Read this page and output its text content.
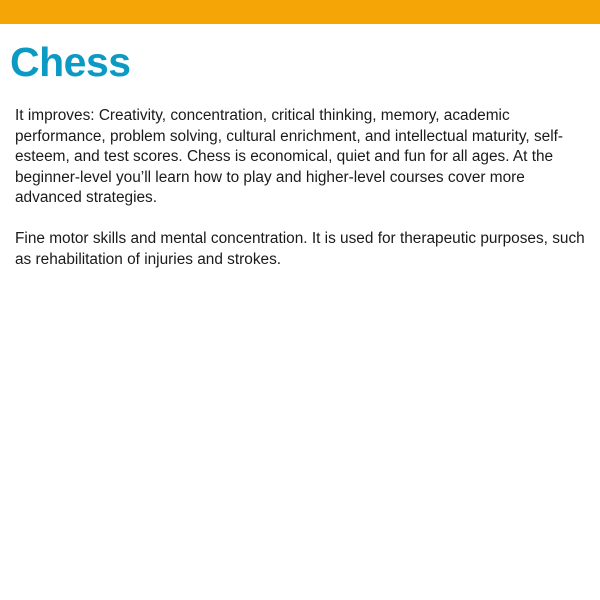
Chess

It improves: Creativity, concentration, critical thinking, memory, academic performance, problem solving, cultural enrichment, and intellectual maturity, self-esteem, and test scores. Chess is economical, quiet and fun for all ages. At the beginner-level you’ll learn how to play and higher-level courses cover more advanced strategies.

Fine motor skills and mental concentration. It is used for therapeutic purposes, such as rehabilitation of injuries and strokes.
